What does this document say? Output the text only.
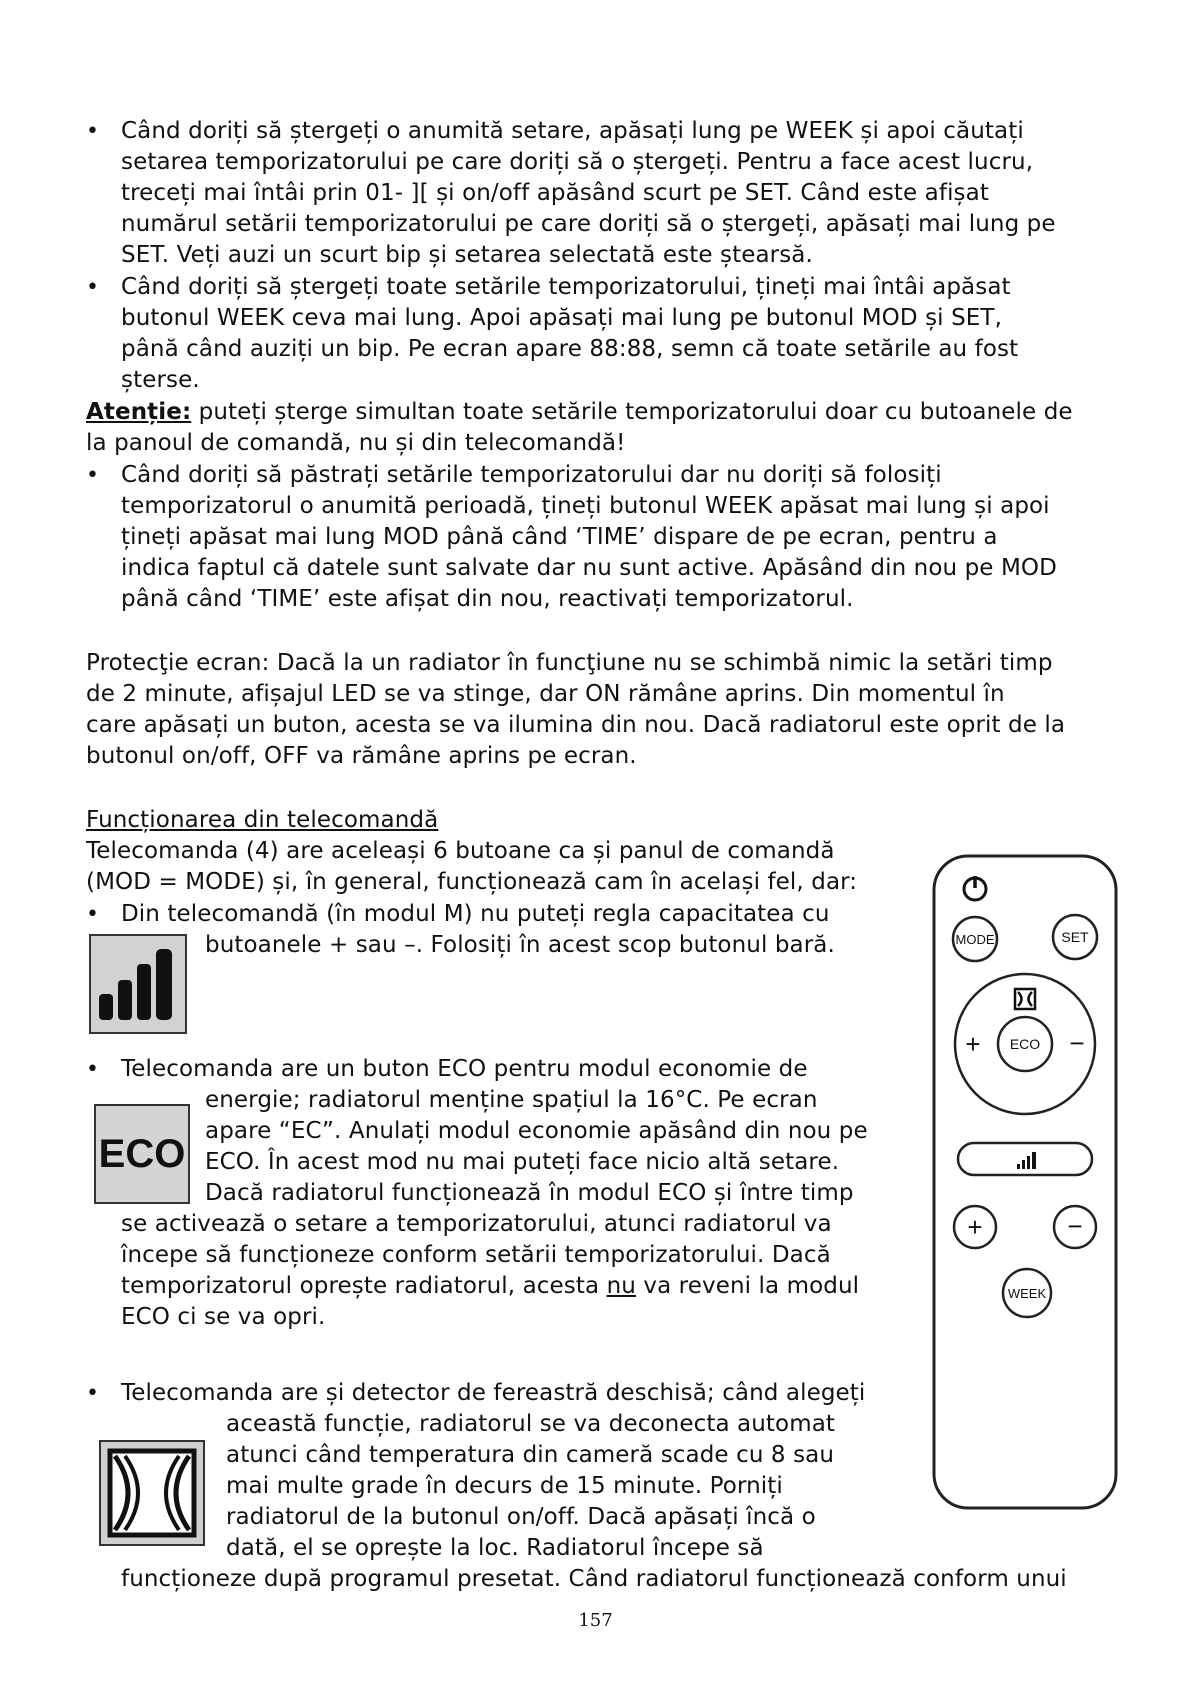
• Când doriți să ștergeți o anumită setare, apăsați lung pe WEEK și apoi căutați
setarea temporizatorului pe care doriți să o ștergeți. Pentru a face acest lucru,
treceți mai întâi prin 01- ][ și on/off apăsând scurt pe SET. Când este afișat
numărul setării temporizatorului pe care doriți să o ștergeți, apăsați mai lung pe
SET. Veți auzi un scurt bip și setarea selectată este ștearsă.
• Când doriți să ștergeți toate setările temporizatorului, țineți mai întâi apăsat
butonul WEEK ceva mai lung. Apoi apăsați mai lung pe butonul MOD și SET,
până când auziți un bip. Pe ecran apare 88:88, semn că toate setările au fost
șterse.
Atenție: puteți șterge simultan toate setările temporizatorului doar cu butoanele de
la panoul de comandă, nu și din telecomandă!
• Când doriți să păstrați setările temporizatorului dar nu doriți să folosiți
temporizatorul o anumită perioadă, țineți butonul WEEK apăsat mai lung și apoi
țineți apăsat mai lung MOD până când ‘TIME’ dispare de pe ecran, pentru a
indica faptul că datele sunt salvate dar nu sunt active. Apăsând din nou pe MOD
până când ‘TIME’ este afișat din nou, reactivați temporizatorul.
Protecţie ecran: Dacă la un radiator în funcţiune nu se schimbă nimic la setări timp
de 2 minute, afișajul LED se va stinge, dar ON rămâne aprins. Din momentul în
care apăsați un buton, acesta se va ilumina din nou. Dacă radiatorul este oprit de la
butonul on/off, OFF va rămâne aprins pe ecran.
Funcționarea din telecomandă
Telecomanda (4) are aceleași 6 butoane ca și panul de comandă
(MOD = MODE) și, în general, funcționează cam în același fel, dar:
• Din telecomandă (în modul M) nu puteți regla capacitatea cu
butoanele + sau –. Folosiți în acest scop butonul bară.
• Telecomanda are un buton ECO pentru modul economie de
energie; radiatorul menține spațiul la 16°C. Pe ecran
apare “EC”. Anulați modul economie apăsând din nou pe
ECO. În acest mod nu mai puteți face nicio altă setare.
Dacă radiatorul funcționează în modul ECO și între timp
se activează o setare a temporizatorului, atunci radiatorul va
începe să funcționeze conform setării temporizatorului. Dacă
temporizatorul oprește radiatorul, acesta nu va reveni la modul
ECO ci se va opri.
ECO
• Telecomanda are și detector de fereastră deschisă; când alegeți
această funcție, radiatorul se va deconecta automat
atunci când temperatura din cameră scade cu 8 sau
mai multe grade în decurs de 15 minute. Porniți
radiatorul de la butonul on/off. Dacă apăsați încă o
dată, el se oprește la loc. Radiatorul începe să
funcționeze după programul presetat. Când radiatorul funcționează conform unui
MODE	SET
ECO
+	−
+	−
WEEK
157
